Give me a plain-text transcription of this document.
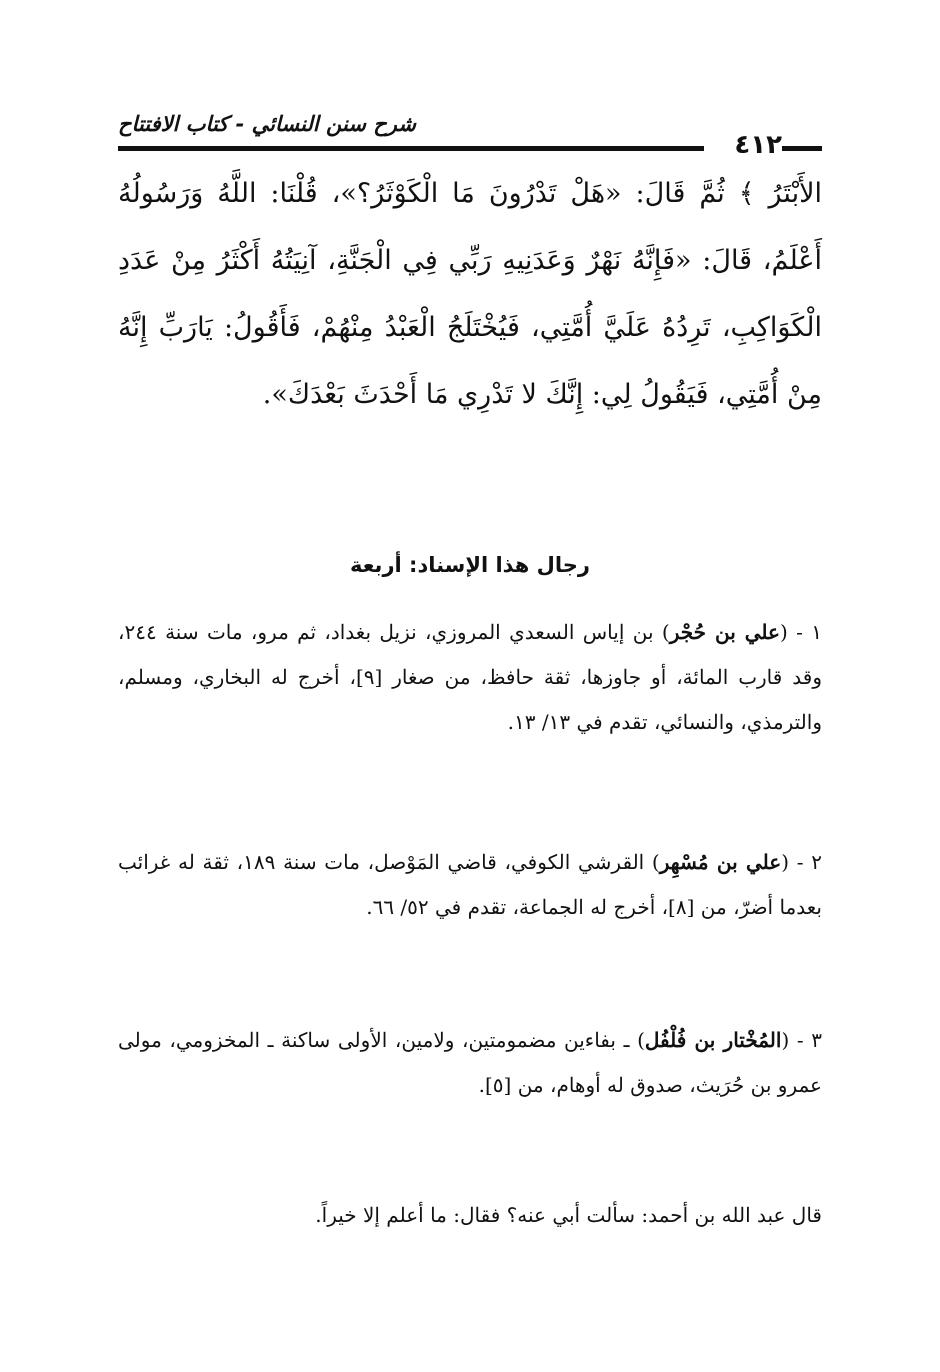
شرح سنن النسائي - كتاب الافتتاح
٤١٢
الأَبْتَرُ ﴾ ثُمَّ قَالَ: «هَلْ تَدْرُونَ مَا الْكَوْثَرُ؟»، قُلْنَا: اللَّهُ وَرَسُولُهُ أَعْلَمُ، قَالَ: «فَإِنَّهُ نَهْرٌ وَعَدَنِيهِ رَبِّي فِي الْجَنَّةِ، آنِيَتُهُ أَكْثَرُ مِنْ عَدَدِ الْكَوَاكِبِ، تَرِدُهُ عَلَيَّ أُمَّتِي، فَيُخْتَلَجُ الْعَبْدُ مِنْهُمْ، فَأَقُولُ: يَارَبِّ إِنَّهُ مِنْ أُمَّتِي، فَيَقُولُ لِي: إِنَّكَ لا تَدْرِي مَا أَحْدَثَ بَعْدَكَ».
رجال هذا الإسناد: أربعة
١ - (علي بن حُجْر) بن إياس السعدي المروزي، نزيل بغداد، ثم مرو، مات سنة ٢٤٤، وقد قارب المائة، أو جاوزها، ثقة حافظ، من صغار [٩]، أخرج له البخاري، ومسلم، والترمذي، والنسائي، تقدم في ١٣/ ١٣.
٢ - (علي بن مُسْهِر) القرشي الكوفي، قاضي المَوْصل، مات سنة ١٨٩، ثقة له غرائب بعدما أضرّ، من [٨]، أخرج له الجماعة، تقدم في ٥٢/ ٦٦.
٣ - (المُخْتار بن فُلْفُل) ـ بفاءين مضمومتين، ولامين، الأولى ساكنة ـ المخزومي، مولى عمرو بن حُرَيث، صدوق له أوهام، من [٥].
قال عبد الله بن أحمد: سألت أبي عنه؟ فقال: ما أعلم إلا خيراً.
